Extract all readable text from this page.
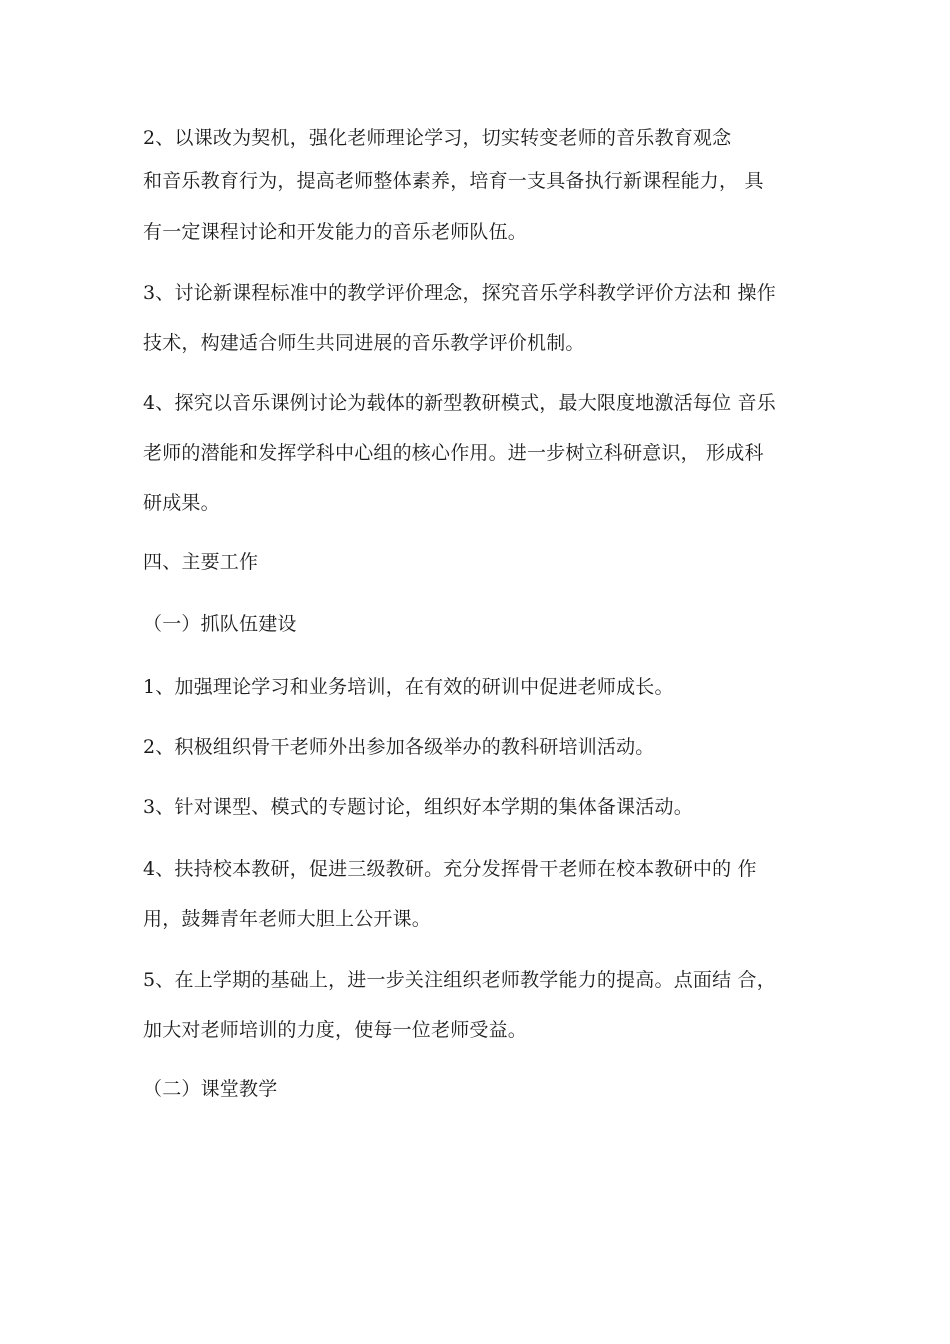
2、以课改为契机，强化老师理论学习，切实转变老师的音乐教育观念
和音乐教育行为，提高老师整体素养，培育一支具备执行新课程能力， 具
有一定课程讨论和开发能力的音乐老师队伍。
3、讨论新课程标准中的教学评价理念，探究音乐学科教学评价方法和 操作
技术，构建适合师生共同进展的音乐教学评价机制。
4、探究以音乐课例讨论为载体的新型教研模式，最大限度地激活每位 音乐
老师的潜能和发挥学科中心组的核心作用。进一步树立科研意识， 形成科
研成果。
四、主要工作
（一）抓队伍建设
1、加强理论学习和业务培训，在有效的研训中促进老师成长。
2、积极组织骨干老师外出参加各级举办的教科研培训活动。
3、针对课型、模式的专题讨论，组织好本学期的集体备课活动。
4、扶持校本教研，促进三级教研。充分发挥骨干老师在校本教研中的 作
用，鼓舞青年老师大胆上公开课。
5、在上学期的基础上，进一步关注组织老师教学能力的提高。点面结 合，
加大对老师培训的力度，使每一位老师受益。
（二）课堂教学
